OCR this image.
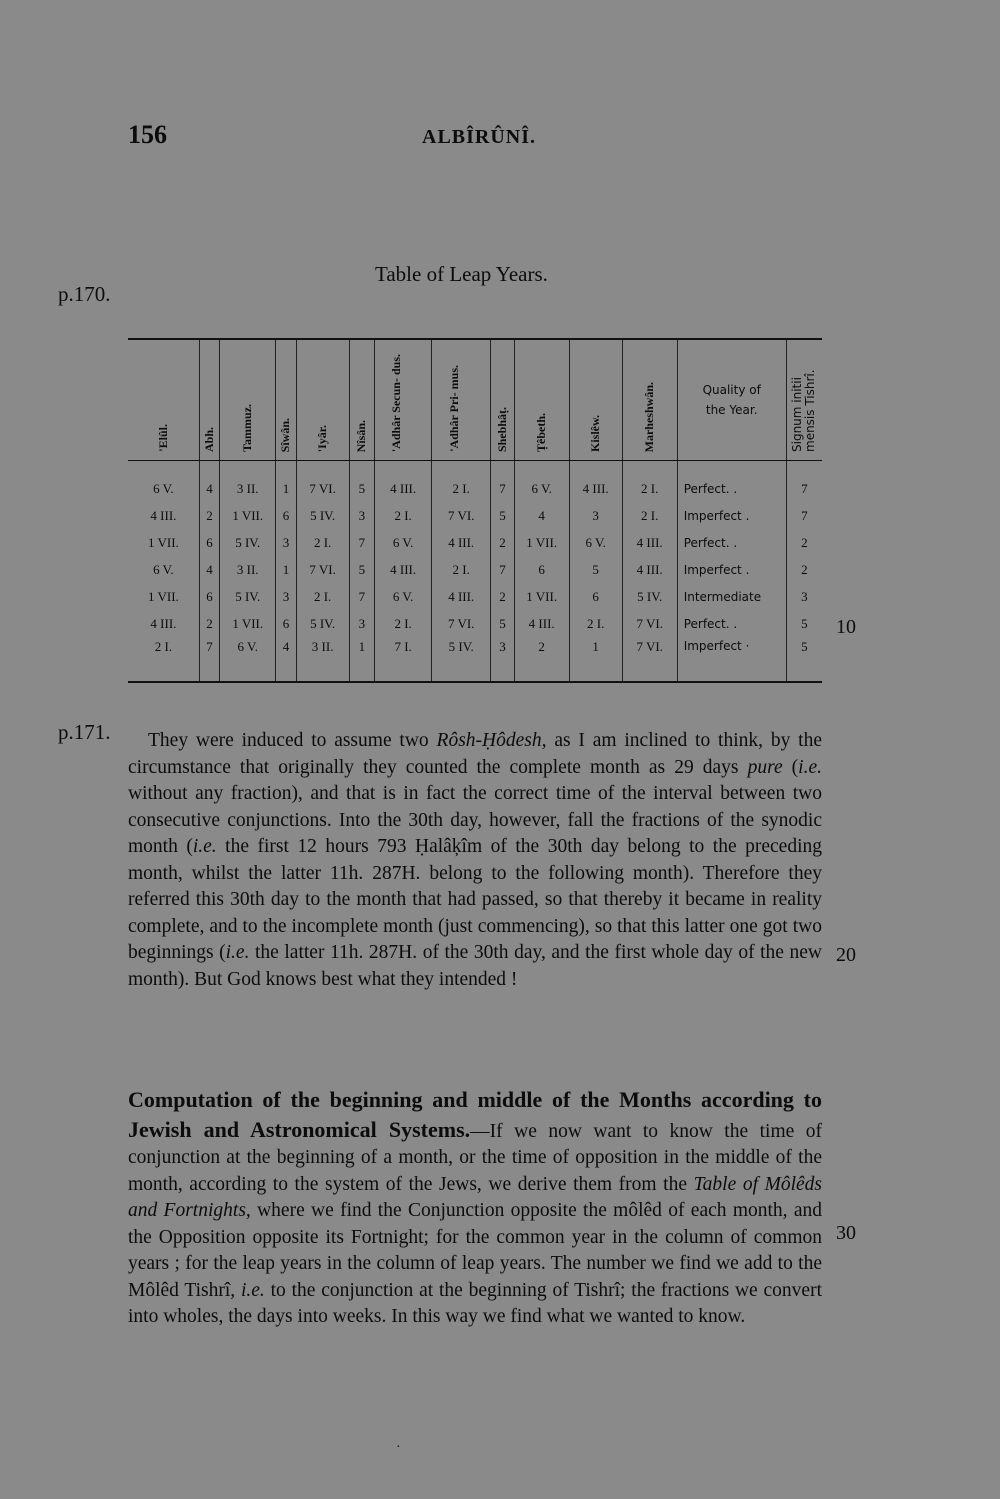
156	ALBÎRÛNÎ.
p.170.
Table of Leap Years.
'Elûl.	Abh.	Tammuz.	Sîwân.	'Iyâr.	Nîsân.	'Adhâr Secun- dus.	'Adhâr Pri- mus.	Shebhâṭ.	Ṭêbeth.	Kislêw.	Marheshwân.	Quality of the Year.	Signum initii mensis Tishrî.
6 V.	4	3 II.	1	7 VI.	5	4 III.	2 I.	7	6 V.	4 III.	2 I.	Perfect. .	7
4 III.	2	1 VII.	6	5 IV.	3	2 I.	7 VI.	5	4	3	2 I.	Imperfect .	7
1 VII.	6	5 IV.	3	2 I.	7	6 V.	4 III.	2	1 VII.	6 V.	4 III.	Perfect. .	2
6 V.	4	3 II.	1	7 VI.	5	4 III.	2 I.	7	6	5	4 III.	Imperfect .	2
1 VII.	6	5 IV.	3	2 I.	7	6 V.	4 III.	2	1 VII.	6	5 IV.	Intermediate	3
4 III.	2	1 VII.	6	5 IV.	3	2 I.	7 VI.	5	4 III.	2 I.	7 VI.	Perfect. .	5
2 I.	7	6 V.	4	3 II.	1	7 I.	5 IV.	3	2	1	7 VI.	Imperfect ·	5
10
p.171.	They were induced to assume two Rôsh-Ḥôdesh, as I am inclined to think, by the circumstance that originally they counted the complete month as 29 days pure (i.e. without any fraction), and that is in fact the correct time of the interval between two consecutive conjunctions. Into the 30th day, however, fall the fractions of the synodic month (i.e. the first 12 hours 793 Ḥalâķîm of the 30th day belong to the preceding month, whilst the latter 11h. 287H. belong to the following month). Therefore they referred this 30th day to the month that had passed, so that thereby it became in reality complete, and to the incomplete month (just commencing), so that this latter one got two beginnings (i.e. the latter 11h. 287H. of the 30th day, and the first whole day of the new month). But God knows best what they intended !
20
Computation of the beginning and middle of the Months according to Jewish and Astronomical Systems.—If we now want to know the time of conjunction at the beginning of a month, or the time of opposition in the middle of the month, according to the system of the Jews, we derive them from the Table of Môlêds and Fortnights, where we find the Conjunction opposite the môlêd of each month, and the Opposition opposite its Fortnight; for the common year in the column of common years ; for the leap years in the column of leap years. The number we find we add to the Môlêd Tishrî, i.e. to the conjunction at the beginning of Tishrî; the fractions we convert into wholes, the days into weeks. In this way we find what we wanted to know.
30
·
